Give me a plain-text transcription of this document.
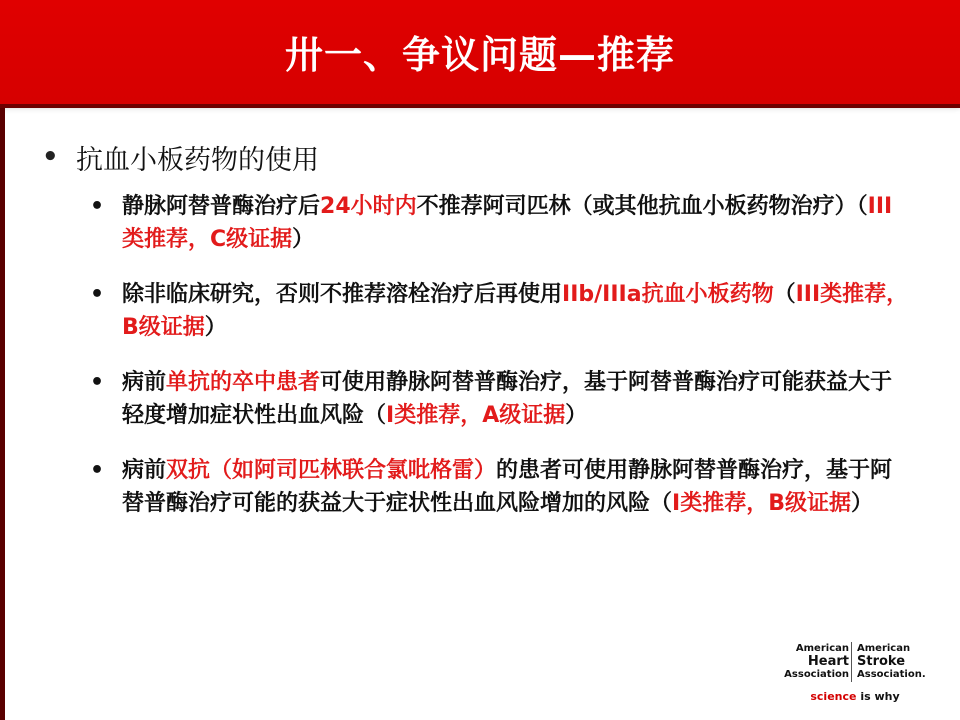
卅一、争议问题—推荐
• 抗血小板药物的使用
• 静脉阿替普酶治疗后24小时内不推荐阿司匹林（或其他抗血小板药物治疗）（III类推荐，C级证据）
• 除非临床研究，否则不推荐溶栓治疗后再使用IIb/IIIa抗血小板药物（III类推荐，B级证据）
• 病前单抗的卒中患者可使用静脉阿替普酶治疗，基于阿替普酶治疗可能获益大于轻度增加症状性出血风险（I类推荐，A级证据）
• 病前双抗（如阿司匹林联合氯吡格雷）的患者可使用静脉阿替普酶治疗，基于阿替普酶治疗可能的获益大于症状性出血风险增加的风险（I类推荐，B级证据）
American
Heart
Association
American
Stroke
Association.
science is why
